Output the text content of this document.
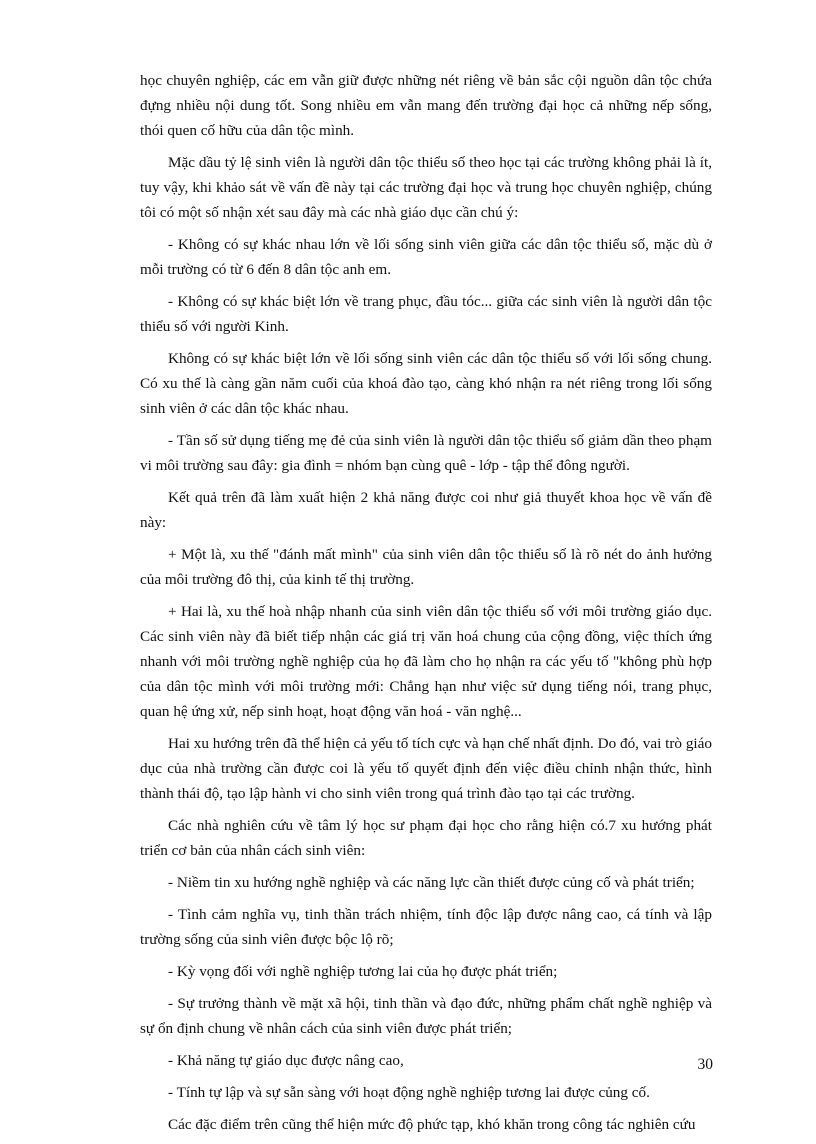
học chuyên nghiệp, các em vẫn giữ được những nét riêng về bản sắc cội nguồn dân tộc chứa đựng nhiều nội dung tốt. Song nhiều em vẫn mang đến trường đại học cả những nếp sống, thói quen cố hữu của dân tộc mình.

Mặc dầu tỷ lệ sinh viên là người dân tộc thiểu số theo học tại các trường không phải là ít, tuy vậy, khi khảo sát về vấn đề này tại các trường đại học và trung học chuyên nghiệp, chúng tôi có một số nhận xét sau đây mà các nhà giáo dục cần chú ý:

- Không có sự khác nhau lớn về lối sống sinh viên giữa các dân tộc thiểu số, mặc dù ở mỗi trường có từ 6 đến 8 dân tộc anh em.

- Không có sự khác biệt lớn về trang phục, đầu tóc... giữa các sinh viên là người dân tộc thiểu số với người Kinh.

Không có sự khác biệt lớn về lối sống sinh viên các dân tộc thiểu số với lối sống chung. Có xu thế là càng gần năm cuối của khoá đào tạo, càng khó nhận ra nét riêng trong lối sống sinh viên ở các dân tộc khác nhau.

- Tần số sử dụng tiếng mẹ đẻ của sinh viên là người dân tộc thiểu số giảm dần theo phạm vi môi trường sau đây: gia đình = nhóm bạn cùng quê - lớp - tập thể đông người.

Kết quả trên đã làm xuất hiện 2 khả năng được coi như giả thuyết khoa học về vấn đề này:

+ Một là, xu thế "đánh mất mình" của sinh viên dân tộc thiểu số là rõ nét do ảnh hưởng của môi trường đô thị, của kinh tế thị trường.

+ Hai là, xu thế hoà nhập nhanh của sinh viên dân tộc thiểu số với môi trường giáo dục. Các sinh viên này đã biết tiếp nhận các giá trị văn hoá chung của cộng đồng, việc thích ứng nhanh với môi trường nghề nghiệp của họ đã làm cho họ nhận ra các yếu tố "không phù hợp của dân tộc mình với môi trường mới: Chẳng hạn như việc sử dụng tiếng nói, trang phục, quan hệ ứng xử, nếp sinh hoạt, hoạt động văn hoá - văn nghệ...

Hai xu hướng trên đã thể hiện cả yếu tố tích cực và hạn chế nhất định. Do đó, vai trò giáo dục của nhà trường cần được coi là yếu tố quyết định đến việc điều chỉnh nhận thức, hình thành thái độ, tạo lập hành vi cho sinh viên trong quá trình đào tạo tại các trường.

Các nhà nghiên cứu về tâm lý học sư phạm đại học cho rằng hiện có.7 xu hướng phát triển cơ bản của nhân cách sinh viên:

- Niềm tin xu hướng nghề nghiệp và các năng lực cần thiết được củng cố và phát triển;

- Tình cảm nghĩa vụ, tinh thần trách nhiệm, tính độc lập được nâng cao, cá tính và lập trường sống của sinh viên được bộc lộ rõ;

- Kỳ vọng đối với nghề nghiệp tương lai của họ được phát triển;

- Sự trưởng thành về mặt xã hội, tinh thần và đạo đức, những phẩm chất nghề nghiệp và sự ổn định chung về nhân cách của sinh viên được phát triển;

- Khả năng tự giáo dục được nâng cao,

- Tính tự lập và sự sẵn sàng với hoạt động nghề nghiệp tương lai được củng cố.

Các đặc điểm trên cũng thể hiện mức độ phức tạp, khó khăn trong công tác nghiên cứu

30
